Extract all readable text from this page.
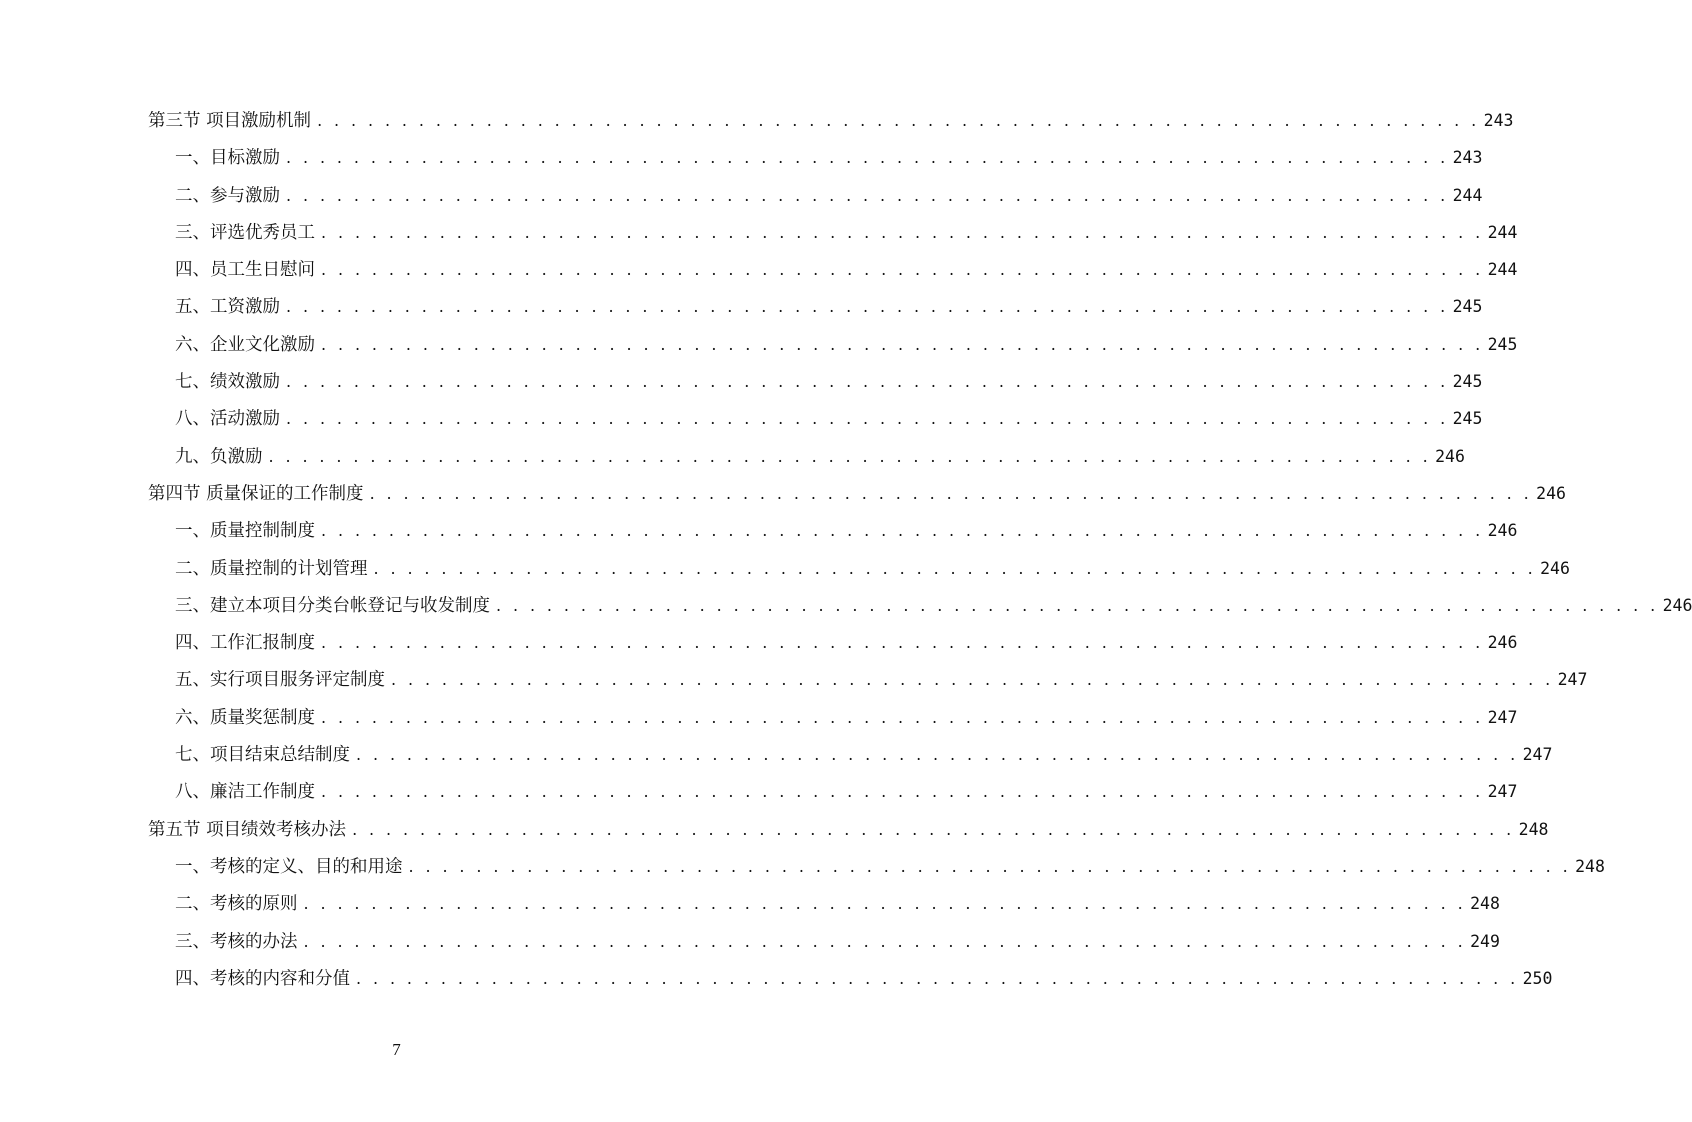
第三节 项目激励机制 . . . . . . . . . . . . . . . . . . . . . . . . . . . . . . . . . . . . . . . . . . . . . . . . . . . . . . . . . . . . . . . . . . . . . 243
一、目标激励 . . . . . . . . . . . . . . . . . . . . . . . . . . . . . . . . . . . . . . . . . . . . . . . . . . . . . . . . . . . . . . . . . . . . . 243
二、参与激励 . . . . . . . . . . . . . . . . . . . . . . . . . . . . . . . . . . . . . . . . . . . . . . . . . . . . . . . . . . . . . . . . . . . . . 244
三、评选优秀员工 . . . . . . . . . . . . . . . . . . . . . . . . . . . . . . . . . . . . . . . . . . . . . . . . . . . . . . . . . . . . . . . . . . . . . 244
四、员工生日慰问 . . . . . . . . . . . . . . . . . . . . . . . . . . . . . . . . . . . . . . . . . . . . . . . . . . . . . . . . . . . . . . . . . . . . . 244
五、工资激励 . . . . . . . . . . . . . . . . . . . . . . . . . . . . . . . . . . . . . . . . . . . . . . . . . . . . . . . . . . . . . . . . . . . . . 245
六、企业文化激励 . . . . . . . . . . . . . . . . . . . . . . . . . . . . . . . . . . . . . . . . . . . . . . . . . . . . . . . . . . . . . . . . . . . . . 245
七、绩效激励 . . . . . . . . . . . . . . . . . . . . . . . . . . . . . . . . . . . . . . . . . . . . . . . . . . . . . . . . . . . . . . . . . . . . . 245
八、活动激励 . . . . . . . . . . . . . . . . . . . . . . . . . . . . . . . . . . . . . . . . . . . . . . . . . . . . . . . . . . . . . . . . . . . . . 245
九、负激励 . . . . . . . . . . . . . . . . . . . . . . . . . . . . . . . . . . . . . . . . . . . . . . . . . . . . . . . . . . . . . . . . . . . . . 246
第四节 质量保证的工作制度 . . . . . . . . . . . . . . . . . . . . . . . . . . . . . . . . . . . . . . . . . . . . . . . . . . . . . . . . . . . . . . . . . . . . . 246
一、质量控制制度 . . . . . . . . . . . . . . . . . . . . . . . . . . . . . . . . . . . . . . . . . . . . . . . . . . . . . . . . . . . . . . . . . . . . . 246
二、质量控制的计划管理 . . . . . . . . . . . . . . . . . . . . . . . . . . . . . . . . . . . . . . . . . . . . . . . . . . . . . . . . . . . . . . . . . . . . . 246
三、建立本项目分类台帐登记与收发制度 . . . . . . . . . . . . . . . . . . . . . . . . . . . . . . . . . . . . . . . . . . . . . . . . . . . . . . . . . . . . . . . . . . . . . 246
四、工作汇报制度 . . . . . . . . . . . . . . . . . . . . . . . . . . . . . . . . . . . . . . . . . . . . . . . . . . . . . . . . . . . . . . . . . . . . . 246
五、实行项目服务评定制度 . . . . . . . . . . . . . . . . . . . . . . . . . . . . . . . . . . . . . . . . . . . . . . . . . . . . . . . . . . . . . . . . . . . . . 247
六、质量奖惩制度 . . . . . . . . . . . . . . . . . . . . . . . . . . . . . . . . . . . . . . . . . . . . . . . . . . . . . . . . . . . . . . . . . . . . . 247
七、项目结束总结制度 . . . . . . . . . . . . . . . . . . . . . . . . . . . . . . . . . . . . . . . . . . . . . . . . . . . . . . . . . . . . . . . . . . . . . 247
八、廉洁工作制度 . . . . . . . . . . . . . . . . . . . . . . . . . . . . . . . . . . . . . . . . . . . . . . . . . . . . . . . . . . . . . . . . . . . . . 247
第五节 项目绩效考核办法 . . . . . . . . . . . . . . . . . . . . . . . . . . . . . . . . . . . . . . . . . . . . . . . . . . . . . . . . . . . . . . . . . . . . . 248
一、考核的定义、目的和用途 . . . . . . . . . . . . . . . . . . . . . . . . . . . . . . . . . . . . . . . . . . . . . . . . . . . . . . . . . . . . . . . . . . . . . 248
二、考核的原则 . . . . . . . . . . . . . . . . . . . . . . . . . . . . . . . . . . . . . . . . . . . . . . . . . . . . . . . . . . . . . . . . . . . . . 248
三、考核的办法 . . . . . . . . . . . . . . . . . . . . . . . . . . . . . . . . . . . . . . . . . . . . . . . . . . . . . . . . . . . . . . . . . . . . . 249
四、考核的内容和分值 . . . . . . . . . . . . . . . . . . . . . . . . . . . . . . . . . . . . . . . . . . . . . . . . . . . . . . . . . . . . . . . . . . . . . 250
7
